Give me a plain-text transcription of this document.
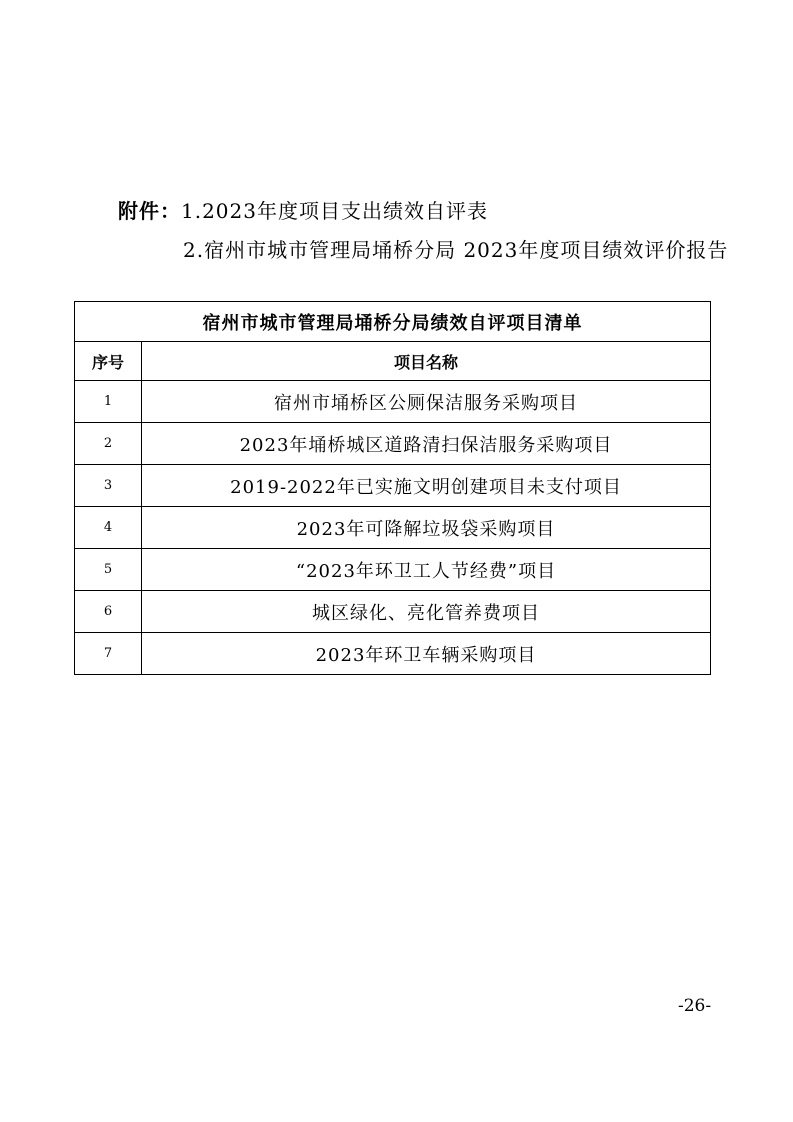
附件：1.2023年度项目支出绩效自评表
2.宿州市城市管理局埇桥分局 2023年度项目绩效评价报告
宿州市城市管理局埇桥分局绩效自评项目清单	
序号	项目名称
1	宿州市埇桥区公厕保洁服务采购项目
2	2023年埇桥城区道路清扫保洁服务采购项目
3	2019-2022年已实施文明创建项目未支付项目
4	2023年可降解垃圾袋采购项目
5	“2023年环卫工人节经费”项目
6	城区绿化、亮化管养费项目
7	2023年环卫车辆采购项目
-26-
